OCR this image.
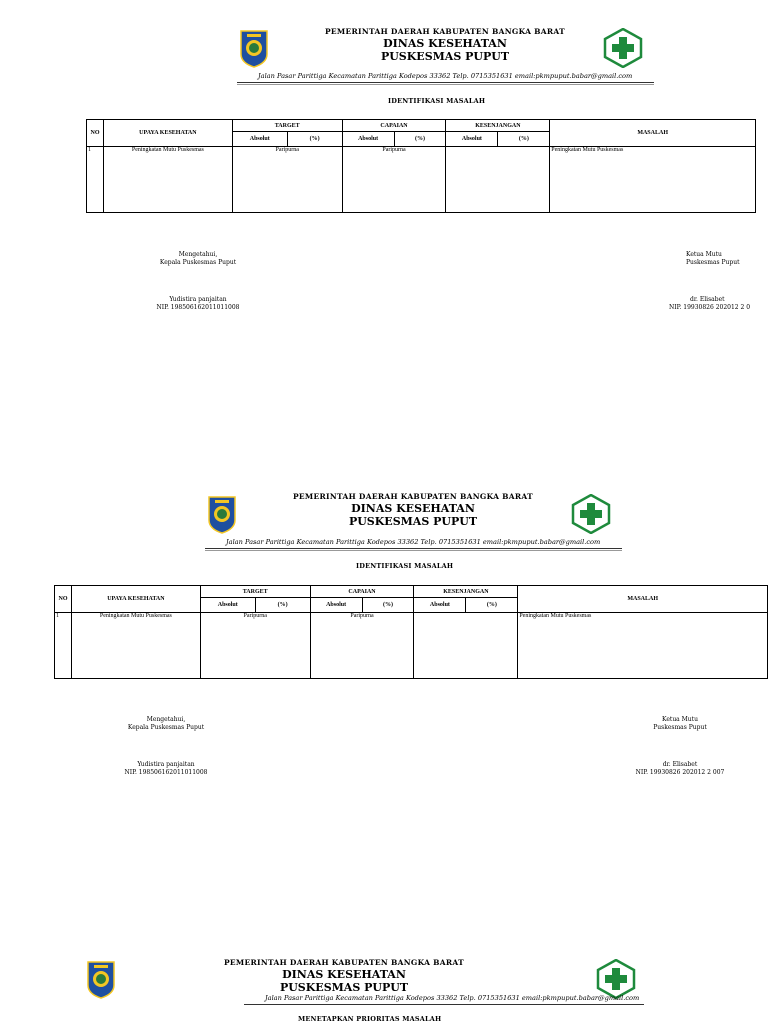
PEMERINTAH DAERAH KABUPATEN BANGKA BARAT
DINAS KESEHATAN
PUSKESMAS PUPUT
Jalan Pasar Parittiga Kecamatan Parittiga Kodepos 33362 Telp. 0715351631 email:pkmpuput.babar@gmail.com
IDENTIFIKASI MASALAH
NO	UPAYA KESEHATAN	TARGET		CAPAIAN		KESENJANGAN		MASALAH
		Absolut	(%)	Absolut	(%)	Absolut	(%)	
1	Peningkatan Mutu Puskesmas	Paripurna		Paripurna				Peningkatan Mutu Puskesmas
Mengetahui,
Kepala Puskesmas Puput
Yudistira panjaitan
NIP. 198506162011011008
Ketua Mutu
Puskesmas Puput
dr. Elisabet
NIP. 19930826 202012 2 0
PEMERINTAH DAERAH KABUPATEN BANGKA BARAT
DINAS KESEHATAN
PUSKESMAS PUPUT
Jalan Pasar Parittiga Kecamatan Parittiga Kodepos 33362 Telp. 0715351631 email:pkmpuput.babar@gmail.com
IDENTIFIKASI MASALAH
NO	UPAYA KESEHATAN	TARGET		CAPAIAN		KESENJANGAN		MASALAH
		Absolut	(%)	Absolut	(%)	Absolut	(%)	
1	Peningkatan Mutu Puskesmas	Paripurna		Paripurna				Peningkatan Mutu Puskesmas
Mengetahui,
Kepala Puskesmas Puput
Yudistira panjaitan
NIP. 198506162011011008
Ketua Mutu
Puskesmas Puput
dr. Elisabet
NIP. 19930826 202012 2 007
PEMERINTAH DAERAH KABUPATEN BANGKA BARAT
DINAS KESEHATAN
PUSKESMAS PUPUT
Jalan Pasar Parittiga Kecamatan Parittiga Kodepos 33362 Telp. 0715351631 email:pkmpuput.babar@gmail.com
MENETAPKAN PRIORITAS MASALAH
